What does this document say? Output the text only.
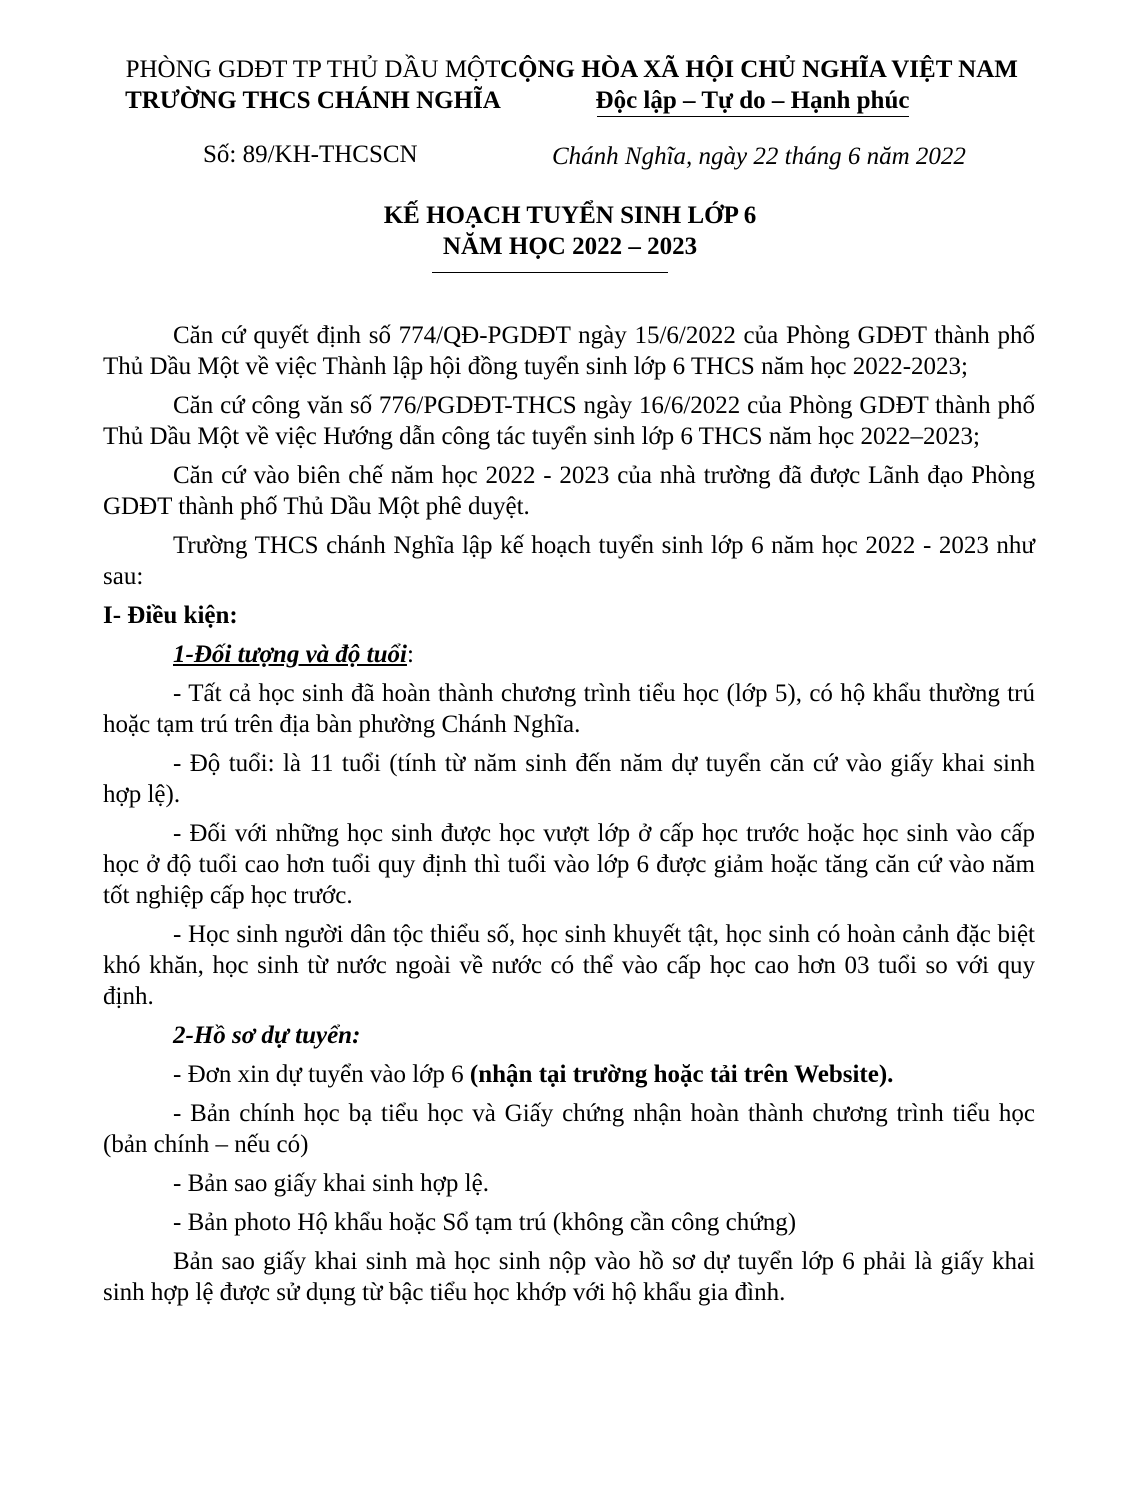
PHÒNG GDĐT TP THỦ DẦU MỘT
TRƯỜNG THCS CHÁNH NGHĨA
CỘNG HÒA XÃ HỘI CHỦ NGHĨA VIỆT NAM
Độc lập – Tự do – Hạnh phúc
Số: 89/KH-THCSCN	Chánh Nghĩa, ngày 22 tháng 6 năm 2022
KẾ HOẠCH TUYỂN SINH LỚP 6
NĂM HỌC 2022 – 2023

Căn cứ quyết định số 774/QĐ-PGDĐT ngày 15/6/2022 của Phòng GDĐT thành phố Thủ Dầu Một về việc Thành lập hội đồng tuyển sinh lớp 6 THCS năm học 2022-2023;

Căn cứ công văn số 776/PGDĐT-THCS ngày 16/6/2022 của Phòng GDĐT thành phố Thủ Dầu Một về việc Hướng dẫn công tác tuyển sinh lớp 6 THCS năm học 2022–2023;

Căn cứ vào biên chế năm học 2022 - 2023 của nhà trường đã được Lãnh đạo Phòng GDĐT thành phố Thủ Dầu Một phê duyệt.

Trường THCS chánh Nghĩa lập kế hoạch tuyển sinh lớp 6 năm học 2022 - 2023 như sau:

I- Điều kiện:

1-Đối tượng và độ tuổi:

- Tất cả học sinh đã hoàn thành chương trình tiểu học (lớp 5), có hộ khẩu thường trú hoặc tạm trú trên địa bàn phường Chánh Nghĩa.

- Độ tuổi: là 11 tuổi (tính từ năm sinh đến năm dự tuyển căn cứ vào giấy khai sinh hợp lệ).

- Đối với những học sinh được học vượt lớp ở cấp học trước hoặc học sinh vào cấp học ở độ tuổi cao hơn tuổi quy định thì tuổi vào lớp 6 được giảm hoặc tăng căn cứ vào năm tốt nghiệp cấp học trước.

- Học sinh người dân tộc thiểu số, học sinh khuyết tật, học sinh có hoàn cảnh đặc biệt khó khăn, học sinh từ nước ngoài về nước có thể vào cấp học cao hơn 03 tuổi so với quy định.

2-Hồ sơ dự tuyển:

- Đơn xin dự tuyển vào lớp 6 (nhận tại trường hoặc tải trên Website).

- Bản chính học bạ tiểu học và Giấy chứng nhận hoàn thành chương trình tiểu học (bản chính – nếu có)

- Bản sao giấy khai sinh hợp lệ.

- Bản photo Hộ khẩu hoặc Sổ tạm trú (không cần công chứng)

Bản sao giấy khai sinh mà học sinh nộp vào hồ sơ dự tuyển lớp 6 phải là giấy khai sinh hợp lệ được sử dụng từ bậc tiểu học khớp với hộ khẩu gia đình.
